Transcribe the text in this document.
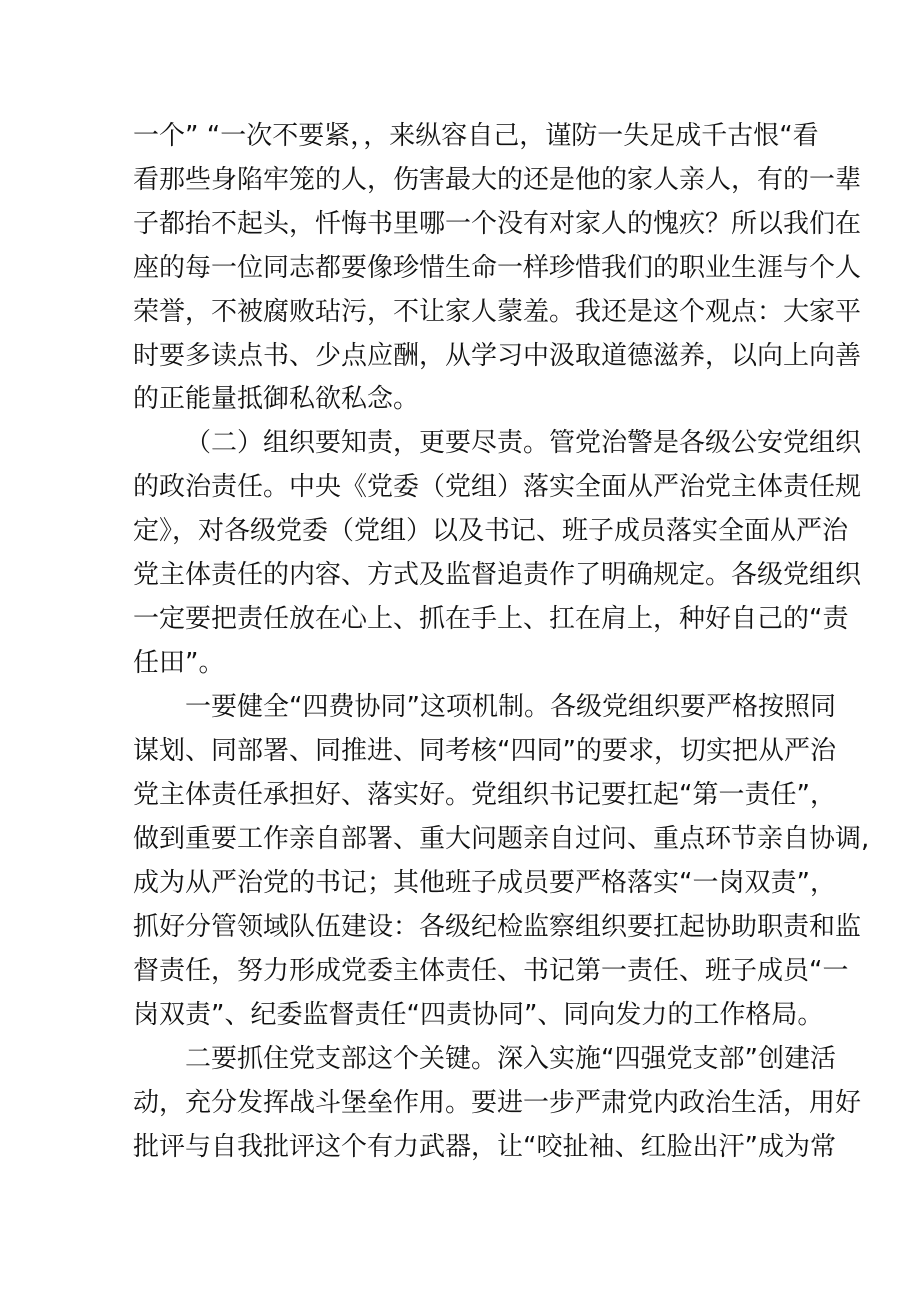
一个” “一次不要紧，，来纵容自己，谨防一失足成千古恨“看
看那些身陷牢笼的人，伤害最大的还是他的家人亲人，有的一辈
子都抬不起头，忏悔书里哪一个没有对家人的愧疚？所以我们在
座的每一位同志都要像珍惜生命一样珍惜我们的职业生涯与个人
荣誉，不被腐败玷污，不让家人蒙羞。我还是这个观点：大家平
时要多读点书、少点应酬，从学习中汲取道德滋养，以向上向善
的正能量抵御私欲私念。
（二）组织要知责，更要尽责。管党治警是各级公安党组织
的政治责任。中央《党委（党组）落实全面从严治党主体责任规
定》，对各级党委（党组）以及书记、班子成员落实全面从严治
党主体责任的内容、方式及监督追责作了明确规定。各级党组织
一定要把责任放在心上、抓在手上、扛在肩上，种好自己的“责
任田”。
一要健全“四费协同”这项机制。各级党组织要严格按照同
谋划、同部署、同推进、同考核“四同”的要求，切实把从严治
党主体责任承担好、落实好。党组织书记要扛起“第一责任”，
做到重要工作亲自部署、重大问题亲自过问、重点环节亲自协调,
成为从严治党的书记；其他班子成员要严格落实“一岗双责”，
抓好分管领域队伍建设：各级纪检监察组织要扛起协助职责和监
督责任，努力形成党委主体责任、书记第一责任、班子成员“一
岗双责”、纪委监督责任“四责协同”、同向发力的工作格局。
二要抓住党支部这个关键。深入实施“四强党支部”创建活
动，充分发挥战斗堡垒作用。要进一步严肃党内政治生活，用好
批评与自我批评这个有力武器，让“咬扯袖、红脸出汗”成为常
